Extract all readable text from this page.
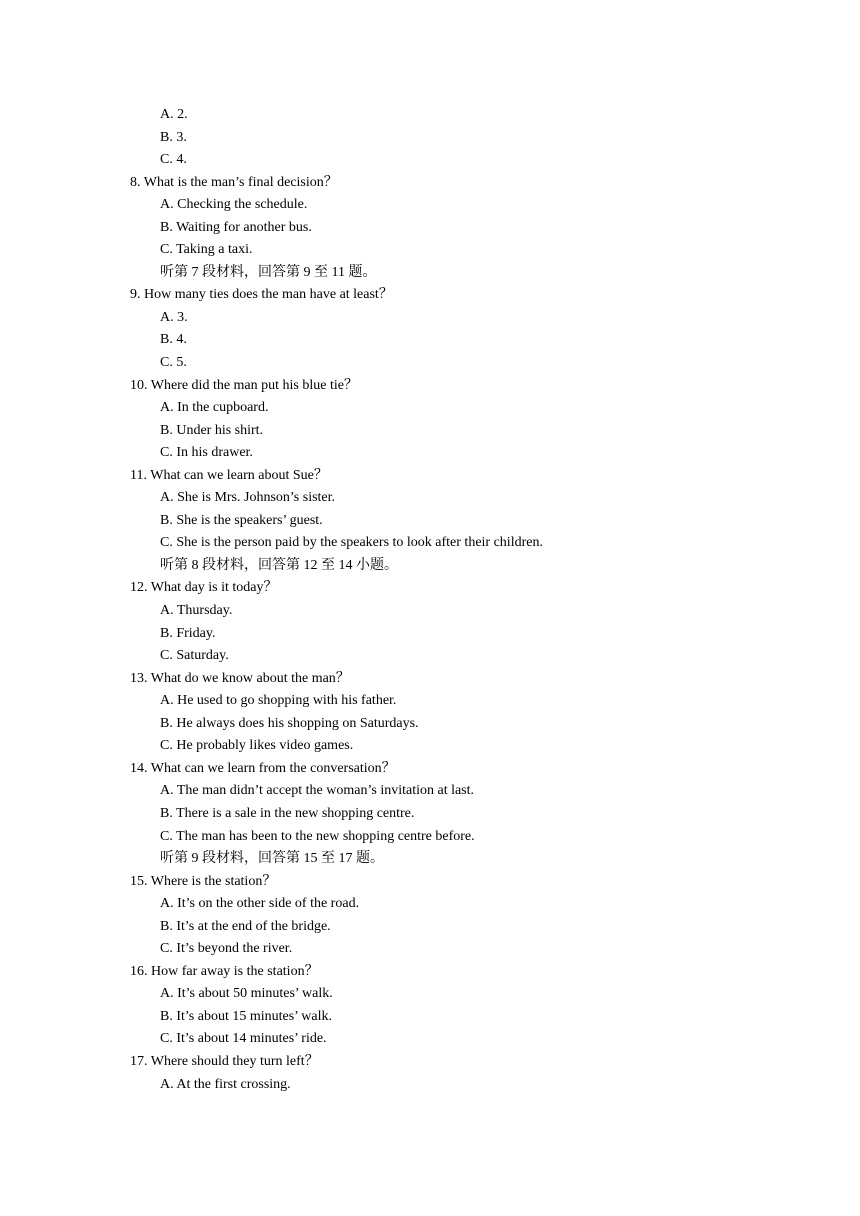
A. 2.
B. 3.
C. 4.
8. What is the man’s final decision？
A. Checking the schedule.
B. Waiting for another bus.
C. Taking a taxi.
听第 7 段材料，回答第 9 至 11 题。
9. How many ties does the man have at least？
A. 3.
B. 4.
C. 5.
10. Where did the man put his blue tie？
A. In the cupboard.
B. Under his shirt.
C. In his drawer.
11. What can we learn about Sue？
A. She is Mrs. Johnson’s sister.
B. She is the speakers’ guest.
C. She is the person paid by the speakers to look after their children.
听第 8 段材料，回答第 12 至 14 小题。
12. What day is it today？
A. Thursday.
B. Friday.
C. Saturday.
13. What do we know about the man？
A. He used to go shopping with his father.
B. He always does his shopping on Saturdays.
C. He probably likes video games.
14. What can we learn from the conversation？
A. The man didn’t accept the woman’s invitation at last.
B. There is a sale in the new shopping centre.
C. The man has been to the new shopping centre before.
听第 9 段材料，回答第 15 至 17 题。
15. Where is the station？
A. It’s on the other side of the road.
B. It’s at the end of the bridge.
C. It’s beyond the river.
16. How far away is the station？
A. It’s about 50 minutes’ walk.
B. It’s about 15 minutes’ walk.
C. It’s about 14 minutes’ ride.
17. Where should they turn left？
A. At the first crossing.
